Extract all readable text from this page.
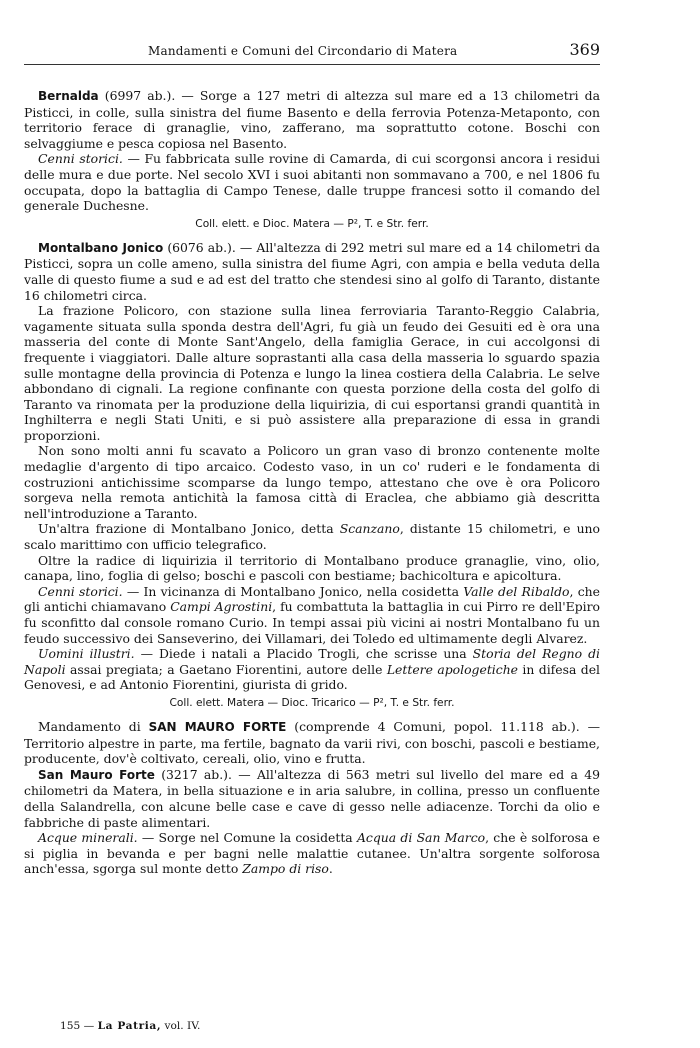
Mandamenti e Comuni del Circondario di Matera	369

Bernalda (6997 ab.). — Sorge a 127 metri di altezza sul mare ed a 13 chilometri da Pisticci, in colle, sulla sinistra del fiume Basento e della ferrovia Potenza-Metaponto, con territorio ferace di granaglie, vino, zafferano, ma soprattutto cotone. Boschi con selvaggiume e pesca copiosa nel Basento.

Cenni storici. — Fu fabbricata sulle rovine di Camarda, di cui scorgonsi ancora i residui delle mura e due porte. Nel secolo XVI i suoi abitanti non sommavano a 700, e nel 1806 fu occupata, dopo la battaglia di Campo Tenese, dalle truppe francesi sotto il comando del generale Duchesne.

Coll. elett. e Dioc. Matera — P², T. e Str. ferr.

Montalbano Jonico (6076 ab.). — All'altezza di 292 metri sul mare ed a 14 chilometri da Pisticci, sopra un colle ameno, sulla sinistra del fiume Agri, con ampia e bella veduta della valle di questo fiume a sud e ad est del tratto che stendesi sino al golfo di Taranto, distante 16 chilometri circa.

La frazione Policoro, con stazione sulla linea ferroviaria Taranto-Reggio Calabria, vagamente situata sulla sponda destra dell'Agri, fu già un feudo dei Gesuiti ed è ora una masseria del conte di Monte Sant'Angelo, della famiglia Gerace, in cui accolgonsi di frequente i viaggiatori. Dalle alture soprastanti alla casa della masseria lo sguardo spazia sulle montagne della provincia di Potenza e lungo la linea costiera della Calabria. Le selve abbondano di cignali. La regione confinante con questa porzione della costa del golfo di Taranto va rinomata per la produzione della liquirizia, di cui esportansi grandi quantità in Inghilterra e negli Stati Uniti, e si può assistere alla preparazione di essa in grandi proporzioni.

Non sono molti anni fu scavato a Policoro un gran vaso di bronzo contenente molte medaglie d'argento di tipo arcaico. Codesto vaso, in un co' ruderi e le fondamenta di costruzioni antichissime scomparse da lungo tempo, attestano che ove è ora Policoro sorgeva nella remota antichità la famosa città di Eraclea, che abbiamo già descritta nell'introduzione a Taranto.

Un'altra frazione di Montalbano Jonico, detta Scanzano, distante 15 chilometri, e uno scalo marittimo con ufficio telegrafico.

Oltre la radice di liquirizia il territorio di Montalbano produce granaglie, vino, olio, canapa, lino, foglia di gelso; boschi e pascoli con bestiame; bachicoltura e apicoltura.

Cenni storici. — In vicinanza di Montalbano Jonico, nella cosidetta Valle del Ribaldo, che gli antichi chiamavano Campi Agrostini, fu combattuta la battaglia in cui Pirro re dell'Epiro fu sconfitto dal console romano Curio. In tempi assai più vicini ai nostri Montalbano fu un feudo successivo dei Sanseverino, dei Villamari, dei Toledo ed ultimamente degli Alvarez.

Uomini illustri. — Diede i natali a Placido Trogli, che scrisse una Storia del Regno di Napoli assai pregiata; a Gaetano Fiorentini, autore delle Lettere apologetiche in difesa del Genovesi, e ad Antonio Fiorentini, giurista di grido.

Coll. elett. Matera — Dioc. Tricarico — P², T. e Str. ferr.

Mandamento di SAN MAURO FORTE (comprende 4 Comuni, popol. 11.118 ab.). — Territorio alpestre in parte, ma fertile, bagnato da varii rivi, con boschi, pascoli e bestiame, producente, dov'è coltivato, cereali, olio, vino e frutta.

San Mauro Forte (3217 ab.). — All'altezza di 563 metri sul livello del mare ed a 49 chilometri da Matera, in bella situazione e in aria salubre, in collina, presso un confluente della Salandrella, con alcune belle case e cave di gesso nelle adiacenze. Torchi da olio e fabbriche di paste alimentari.

Acque minerali. — Sorge nel Comune la cosidetta Acqua di San Marco, che è solforosa e si piglia in bevanda e per bagni nelle malattie cutanee. Un'altra sorgente solforosa anch'essa, sgorga sul monte detto Zampo di riso.

155 — La Patria, vol. IV.
